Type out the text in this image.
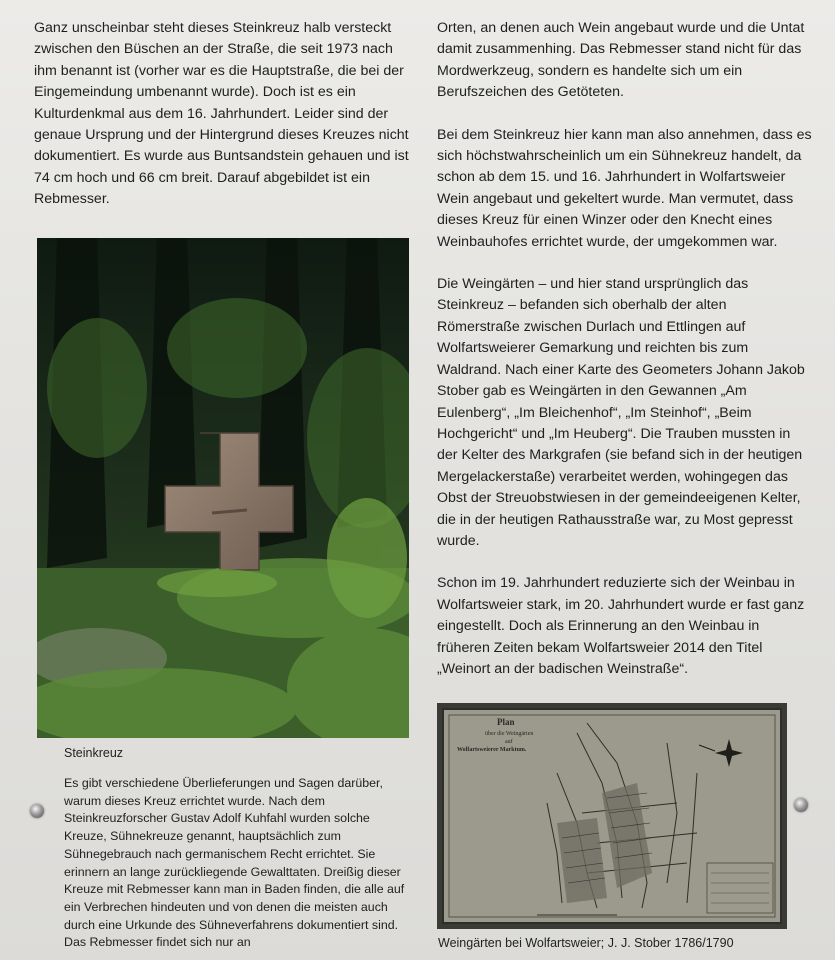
Ganz unscheinbar steht dieses Steinkreuz halb versteckt zwischen den Büschen an der Straße, die seit 1973 nach ihm benannt ist (vorher war es die Hauptstraße, die bei der Eingemeindung umbenannt wurde). Doch ist es ein Kulturdenkmal aus dem 16. Jahrhundert. Leider sind der genaue Ursprung und der Hintergrund dieses Kreuzes nicht dokumentiert. Es wurde aus Buntsandstein gehauen und ist 74 cm hoch und 66 cm breit. Darauf abgebildet ist ein Rebmesser.

Steinkreuz
Es gibt verschiedene Überlieferungen und Sagen darüber, warum dieses Kreuz errichtet wurde. Nach dem Steinkreuzforscher Gustav Adolf Kuhfahl wurden solche Kreuze, Sühnekreuze genannt, hauptsächlich zum Sühnegebrauch nach germanischem Recht errichtet. Sie erinnern an lange zurückliegende Gewalttaten. Dreißig dieser Kreuze mit Rebmesser kann man in Baden finden, die alle auf ein Verbrechen hindeuten und von denen die meisten auch durch eine Urkunde des Sühneverfahrens dokumentiert sind. Das Rebmesser findet sich nur an

Orten, an denen auch Wein angebaut wurde und die Untat damit zusammenhing. Das Rebmesser stand nicht für das Mordwerkzeug, sondern es handelte sich um ein Berufszeichen des Getöteten.

Bei dem Steinkreuz hier kann man also annehmen, dass es sich höchstwahrscheinlich um ein Sühnekreuz handelt, da schon ab dem 15. und 16. Jahrhundert in Wolfartsweier Wein angebaut und gekeltert wurde. Man vermutet, dass dieses Kreuz für einen Winzer oder den Knecht eines Weinbauhofes errichtet wurde, der umgekommen war.

Die Weingärten – und hier stand ursprünglich das Steinkreuz – befanden sich oberhalb der alten Römerstraße zwischen Durlach und Ettlingen auf Wolfartsweierer Gemarkung und reichten bis zum Waldrand. Nach einer Karte des Geometers Johann Jakob Stober gab es Weingärten in den Gewannen „Am Eulenberg“, „Im Bleichenhof“, „Im Steinhof“, „Beim Hochgericht“ und „Im Heuberg“. Die Trauben mussten in der Kelter des Markgrafen (sie befand sich in der heutigen Mergelackerstaße) verarbeitet werden, wohingegen das Obst der Streuobstwiesen in der gemeindeeigenen Kelter, die in der heutigen Rathausstraße war, zu Most gepresst wurde.

Schon im 19. Jahrhundert reduzierte sich der Weinbau in Wolfartsweier stark, im 20. Jahrhundert wurde er fast ganz eingestellt. Doch als Erinnerung an den Weinbau in früheren Zeiten bekam Wolfartsweier 2014 den Titel „Weinort an der badischen Weinstraße“.

Plan
über die Weingärten
auf
Wolfartsweierer Marktum.
Weingärten bei Wolfartsweier; J. J. Stober 1786/1790
